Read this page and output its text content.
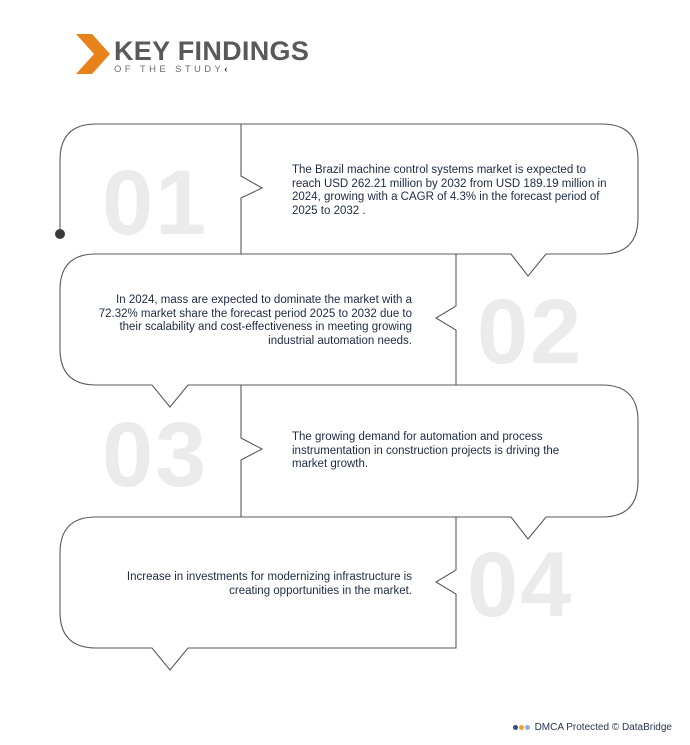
KEY FINDINGS
OF THE STUDY‹
01
02
03
04
The Brazil machine control systems market is expected to reach USD 262.21 million by 2032 from USD 189.19 million in 2024, growing with a CAGR of 4.3% in the forecast period of 2025 to 2032 .
In 2024, mass are expected to dominate the market with a 72.32% market share the forecast period 2025 to 2032 due to their scalability and cost-effectiveness in meeting growing industrial automation needs.
The growing demand for automation and process instrumentation in construction projects is driving the market growth.
Increase in investments for modernizing infrastructure is creating opportunities in the market.
DMCA Protected © DataBridge
